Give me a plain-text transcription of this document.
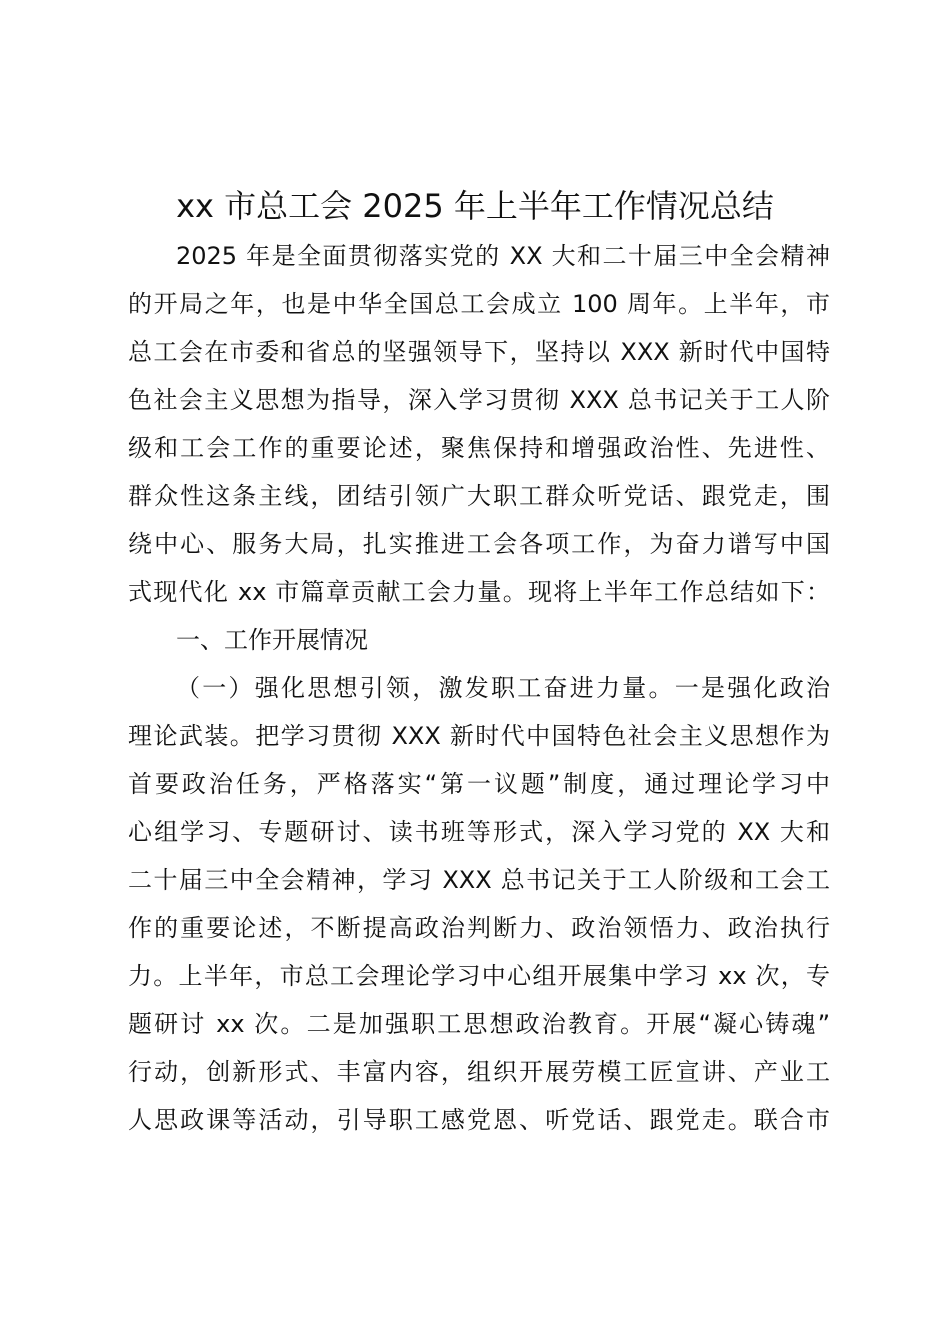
xx 市总工会 2025 年上半年工作情况总结
2025 年是全面贯彻落实党的 XX 大和二十届三中全会精神
的开局之年，也是中华全国总工会成立 100 周年。上半年，市
总工会在市委和省总的坚强领导下，坚持以 XXX 新时代中国特
色社会主义思想为指导，深入学习贯彻 XXX 总书记关于工人阶
级和工会工作的重要论述，聚焦保持和增强政治性、先进性、
群众性这条主线，团结引领广大职工群众听党话、跟党走，围
绕中心、服务大局，扎实推进工会各项工作，为奋力谱写中国
式现代化 xx 市篇章贡献工会力量。现将上半年工作总结如下：
一、工作开展情况
（一）强化思想引领，激发职工奋进力量。一是强化政治
理论武装。把学习贯彻 XXX 新时代中国特色社会主义思想作为
首要政治任务，严格落实“第一议题”制度，通过理论学习中
心组学习、专题研讨、读书班等形式，深入学习党的 XX 大和
二十届三中全会精神，学习 XXX 总书记关于工人阶级和工会工
作的重要论述，不断提高政治判断力、政治领悟力、政治执行
力。上半年，市总工会理论学习中心组开展集中学习 xx 次，专
题研讨 xx 次。二是加强职工思想政治教育。开展“凝心铸魂”
行动，创新形式、丰富内容，组织开展劳模工匠宣讲、产业工
人思政课等活动，引导职工感党恩、听党话、跟党走。联合市
